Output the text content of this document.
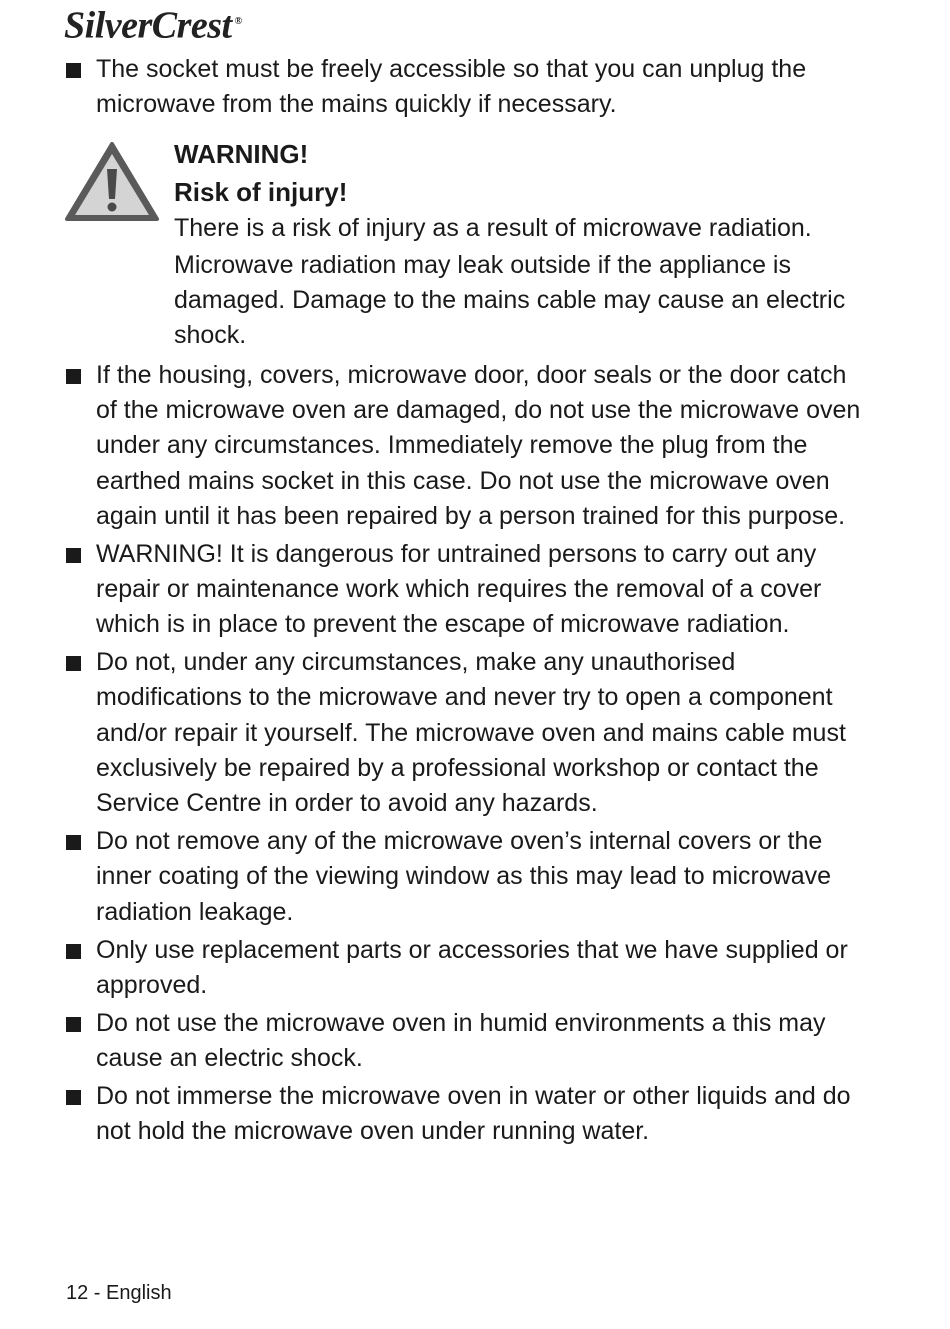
SilverCrest ®
The socket must be freely accessible so that you can unplug the microwave from the mains quickly if necessary.
WARNING!
Risk of injury!
There is a risk of injury as a result of microwave radiation.
Microwave radiation may leak outside if the appliance is damaged. Damage to the mains cable may cause an electric shock.
If the housing, covers, microwave door, door seals or the door catch of the microwave oven are damaged, do not use the microwave oven under any circumstances. Immediately remove the plug from the earthed mains socket in this case. Do not use the microwave oven again until it has been repaired by a person trained for this purpose.
WARNING! It is dangerous for untrained persons to carry out any repair or maintenance work which requires the removal of a cover which is in place to prevent the escape of microwave radiation.
Do not, under any circumstances, make any unauthorised modifications to the microwave and never try to open a component and/or repair it yourself. The microwave oven and mains cable must exclusively be repaired by a professional workshop or contact the Service Centre in order to avoid any hazards.
Do not remove any of the microwave oven’s internal covers or the inner coating of the viewing window as this may lead to microwave radiation leakage.
Only use replacement parts or accessories that we have supplied or approved.
Do not use the microwave oven in humid environments a this may cause an electric shock.
Do not immerse the microwave oven in water or other liquids and do not hold the microwave oven under running water.
12 - English
